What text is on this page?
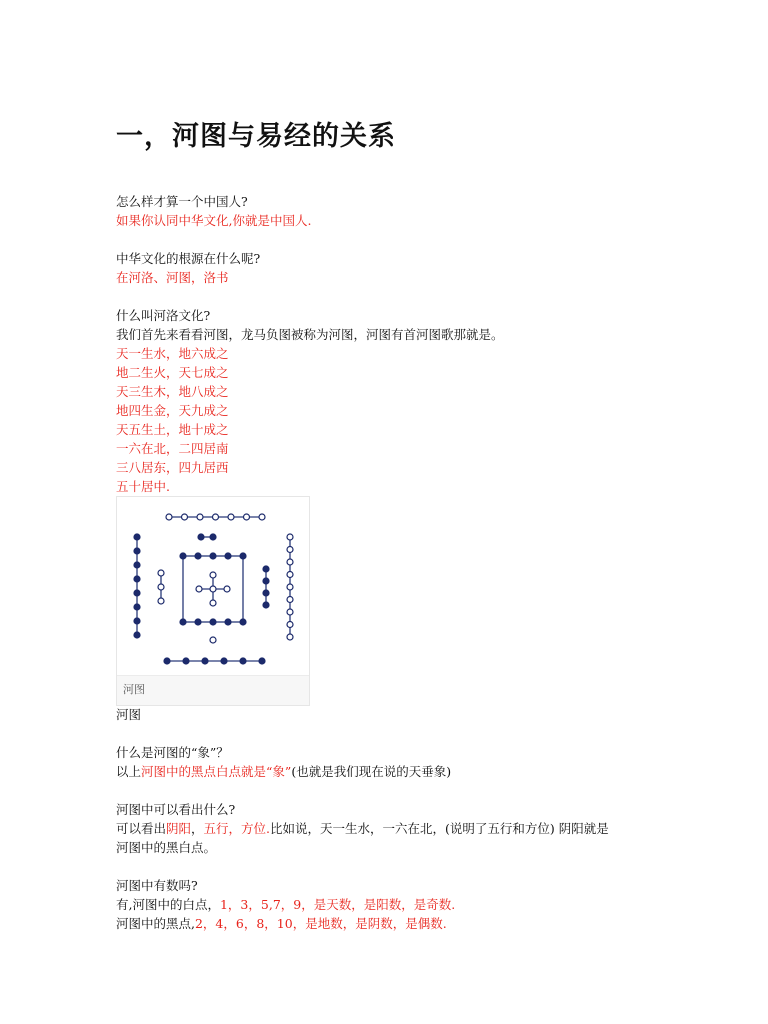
一，河图与易经的关系
怎么样才算一个中国人?
如果你认同中华文化,你就是中国人.
中华文化的根源在什么呢?
在河洛、河图，洛书
什么叫河洛文化?
我们首先来看看河图，龙马负图被称为河图，河图有首河图歌那就是。
天一生水，地六成之
地二生火，天七成之
天三生木，地八成之
地四生金，天九成之
天五生土，地十成之
一六在北，二四居南
三八居东，四九居西
五十居中.
河图
河图
什么是河图的“象”？
以上河图中的黑点白点就是“象”(也就是我们现在说的天垂象)
河图中可以看出什么?
可以看出阴阳，五行，方位.比如说，天一生水，一六在北，(说明了五行和方位) 阴阳就是
河图中的黑白点。
河图中有数吗?
有,河图中的白点，1，3，5,7，9，是天数，是阳数，是奇数.
河图中的黑点,2，4，6，8，10，是地数，是阴数，是偶数.
